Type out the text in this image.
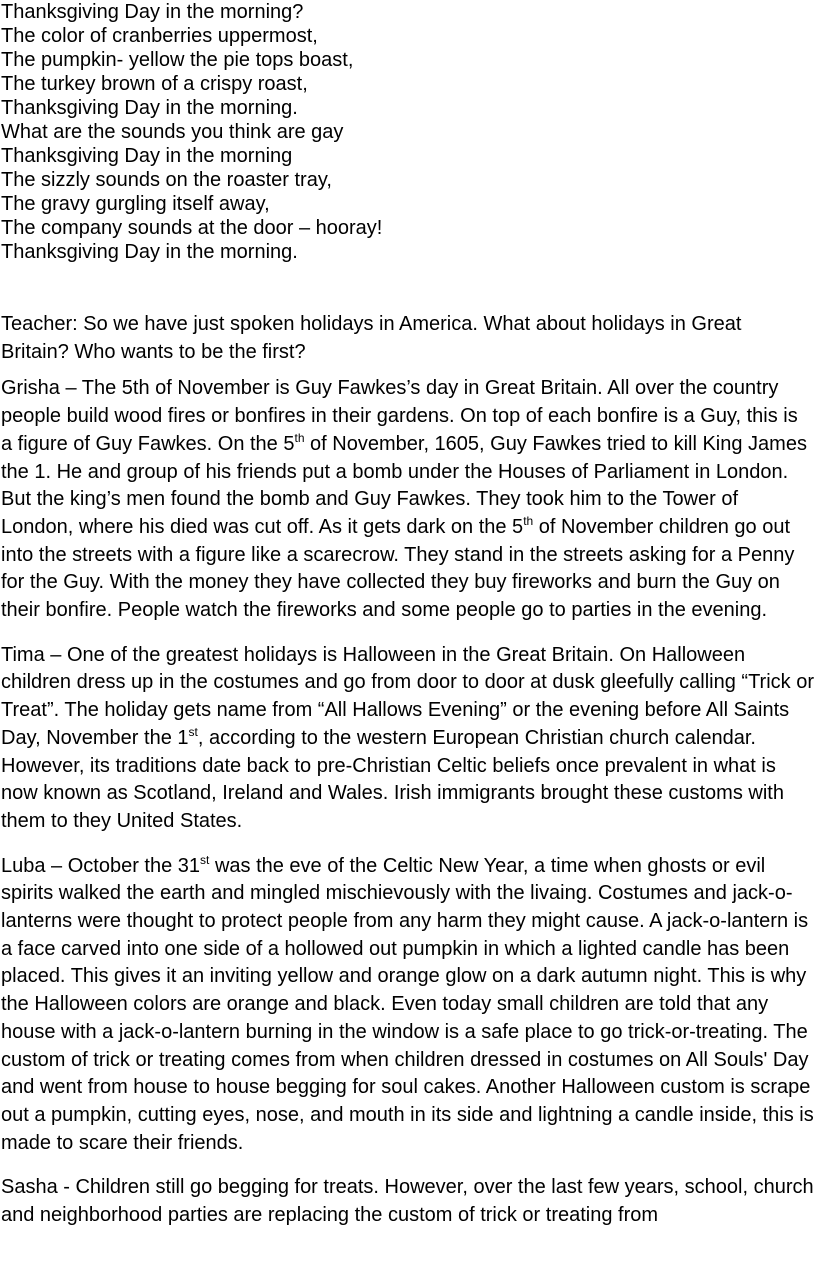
Thanksgiving Day in the morning?
The color of cranberries uppermost,
The pumpkin- yellow the pie tops boast,
The turkey brown of a crispy roast,
Thanksgiving Day in the morning.
What are the sounds you think are gay
Thanksgiving Day in the morning
The sizzly sounds on the roaster tray,
The gravy gurgling itself away,
The company sounds at the door – hooray!
Thanksgiving Day in the morning.

Teacher: So we have just spoken holidays in America. What about holidays in Great Britain? Who wants to be the first?

Grisha – The 5th of November is Guy Fawkes’s day in Great Britain. All over the country people build wood fires or bonfires in their gardens. On top of each bonfire is a Guy, this is a figure of Guy Fawkes. On the 5th of November, 1605, Guy Fawkes tried to kill King James the 1. He and group of his friends put a bomb under the Houses of Parliament in London. But the king’s men found the bomb and Guy Fawkes. They took him to the Tower of London, where his died was cut off. As it gets dark on the 5th of November children go out into the streets with a figure like a scarecrow. They stand in the streets asking for a Penny for the Guy. With the money they have collected they buy fireworks and burn the Guy on their bonfire. People watch the fireworks and some people go to parties in the evening.

Tima – One of the greatest holidays is Halloween in the Great Britain. On Halloween children dress up in the costumes and go from door to door at dusk gleefully calling “Trick or Treat”. The holiday gets name from “All Hallows Evening” or the evening before All Saints Day, November the 1st, according to the western European Christian church calendar. However, its traditions date back to pre-Christian Celtic beliefs once prevalent in what is now known as Scotland, Ireland and Wales. Irish immigrants brought these customs with them to they United States.

Luba – October the 31st was the eve of the Celtic New Year, a time when ghosts or evil spirits walked the earth and mingled mischievously with the livaing. Costumes and jack-o-lanterns were thought to protect people from any harm they might cause. A jack-o-lantern is a face carved into one side of a hollowed out pumpkin in which a lighted candle has been placed. This gives it an inviting yellow and orange glow on a dark autumn night. This is why the Halloween colors are orange and black. Even today small children are told that any house with a jack-o-lantern burning in the window is a safe place to go trick-or-treating. The custom of trick or treating comes from when children dressed in costumes on All Souls' Day and went from house to house begging for soul cakes. Another Halloween custom is scrape out a pumpkin, cutting eyes, nose, and mouth in its side and lightning a candle inside, this is made to scare their friends.

Sasha - Children still go begging for treats. However, over the last few years, school, church and neighborhood parties are replacing the custom of trick or treating from
